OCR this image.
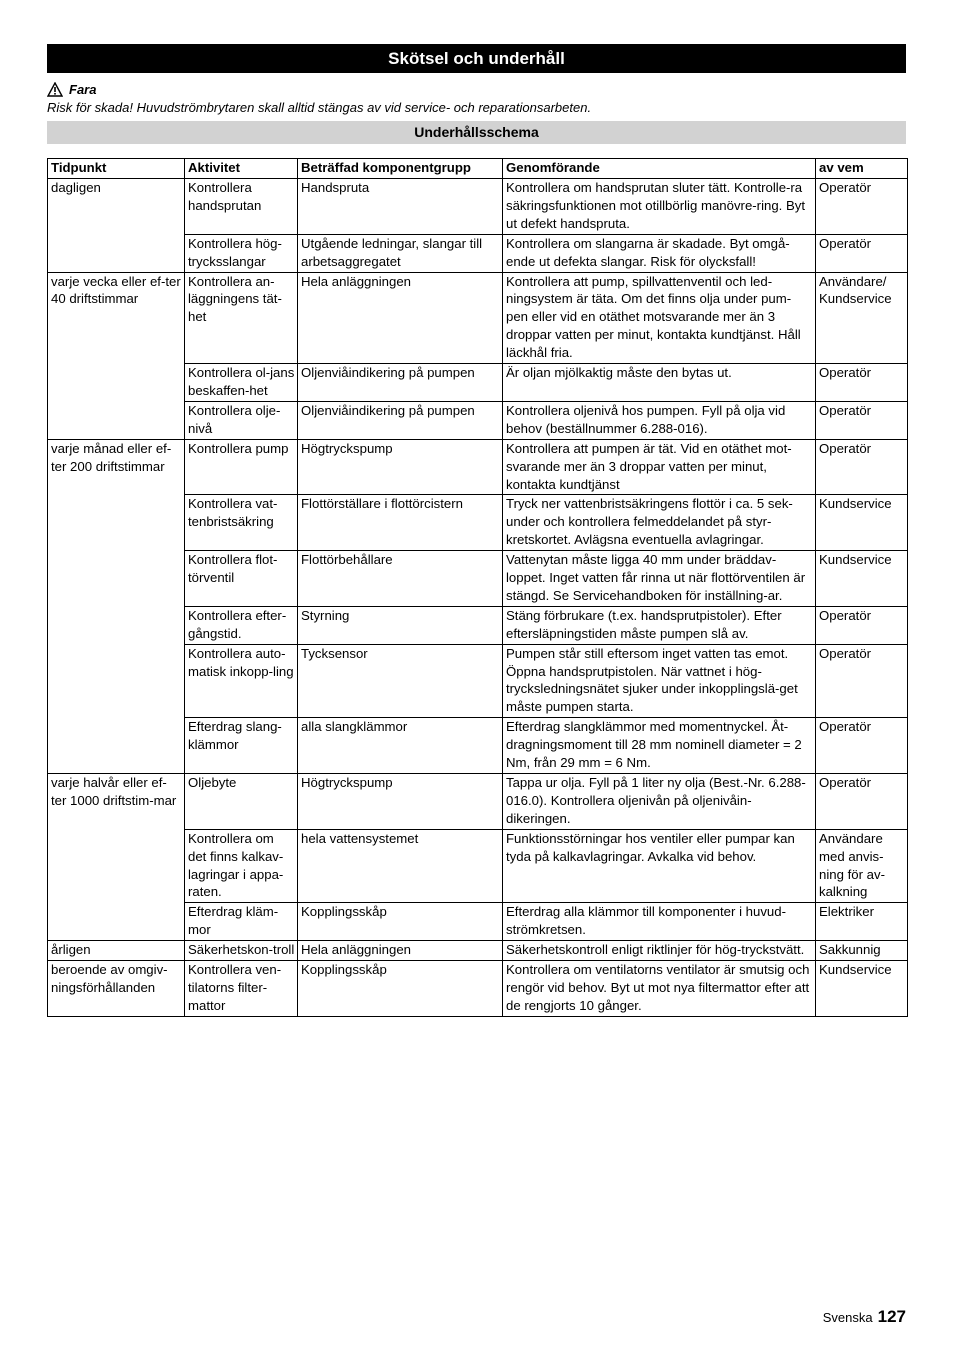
Skötsel och underhåll
Fara
Risk för skada! Huvudströmbrytaren skall alltid stängas av vid service- och reparationsarbeten.
Underhållsschema
Tidpunkt	Aktivitet	Beträffad komponentgrupp	Genomförande	av vem
dagligen	Kontrollera handsprutan	Handspruta	Kontrollera om handsprutan sluter tätt. Kontrolle-ra säkringsfunktionen mot otillbörlig manövre-ring. Byt ut defekt handspruta.	Operatör
	Kontrollera hög-trycksslangar	Utgående ledningar, slangar till arbetsaggregatet	Kontrollera om slangarna är skadade. Byt omgå-ende ut defekta slangar. Risk för olycksfall!	Operatör
varje vecka eller ef-ter 40 driftstimmar	Kontrollera an-läggningens tät-het	Hela anläggningen	Kontrollera att pump, spillvattenventil och led-ningsystem är täta. Om det finns olja under pum-pen eller vid en otäthet motsvarande mer än 3 droppar vatten per minut, kontakta kundtjänst. Håll läckhål fria.	Användare/ Kundservice
	Kontrollera ol-jans beskaffen-het	Oljenviåindikering på pumpen	Är oljan mjölkaktig måste den bytas ut.	Operatör
	Kontrollera olje-nivå	Oljenviåindikering på pumpen	Kontrollera oljenivå hos pumpen. Fyll på olja vid behov (beställnummer 6.288-016).	Operatör
varje månad eller ef-ter 200 driftstimmar	Kontrollera pump	Högtryckspump	Kontrollera att pumpen är tät. Vid en otäthet mot-svarande mer än 3 droppar vatten per minut, kontakta kundtjänst	Operatör
	Kontrollera vat-tenbristsäkring	Flottörställare i flottörcistern	Tryck ner vattenbristsäkringens flottör i ca. 5 sek-under och kontrollera felmeddelandet på styr-kretskortet. Avlägsna eventuella avlagringar.	Kundservice
	Kontrollera flot-törventil	Flottörbehållare	Vattenytan måste ligga 40 mm under bräddav-loppet. Inget vatten får rinna ut när flottörventilen är stängd. Se Servicehandboken för inställning-ar.	Kundservice
	Kontrollera efter-gångstid.	Styrning	Stäng förbrukare (t.ex. handsprutpistoler). Efter eftersläpningstiden måste pumpen slå av.	Operatör
	Kontrollera auto-matisk inkopp-ling	Tycksensor	Pumpen står still eftersom inget vatten tas emot. Öppna handsprutpistolen. När vattnet i hög-trycksledningsnätet sjuker under inkopplingslä-get måste pumpen starta.	Operatör
	Efterdrag slang-klämmor	alla slangklämmor	Efterdrag slangklämmor med momentnyckel. Åt-dragningsmoment till 28 mm nominell diameter = 2 Nm, från 29 mm = 6 Nm.	Operatör
varje halvår eller ef-ter 1000 driftstim-mar	Oljebyte	Högtryckspump	Tappa ur olja. Fyll på 1 liter ny olja (Best.-Nr. 6.288-016.0). Kontrollera oljenivån på oljenivåin-dikeringen.	Operatör
	Kontrollera om det finns kalkav-lagringar i appa-raten.	hela vattensystemet	Funktionsstörningar hos ventiler eller pumpar kan tyda på kalkavlagringar. Avkalka vid behov.	Användare med anvis-ning för av-kalkning
	Efterdrag kläm-mor	Kopplingsskåp	Efterdrag alla klämmor till komponenter i huvud-strömkretsen.	Elektriker
årligen	Säkerhetskon-troll	Hela anläggningen	Säkerhetskontroll enligt riktlinjer för hög-tryckstvätt.	Sakkunnig
beroende av omgiv-ningsförhållanden	Kontrollera ven-tilatorns filter-mattor	Kopplingsskåp	Kontrollera om ventilatorns ventilator är smutsig och rengör vid behov. Byt ut mot nya filtermattor efter att de rengjorts 10 gånger.	Kundservice
Svenska 127
